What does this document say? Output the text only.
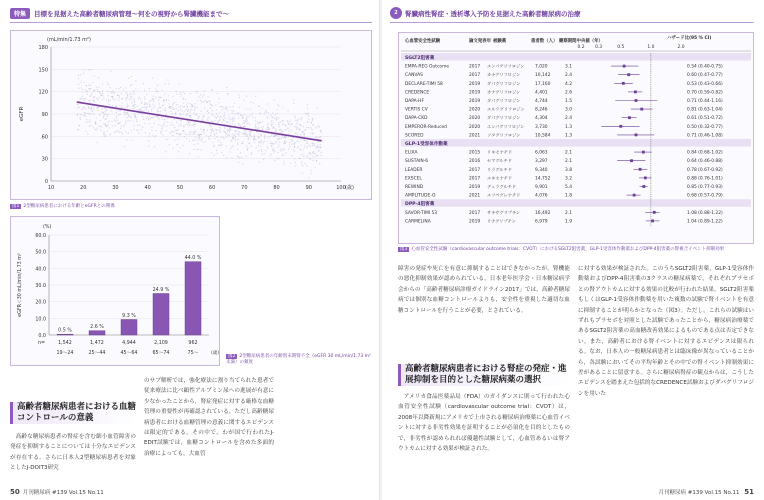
特集	目標を見据えた高齢者糖尿病管理～何をの視野から腎臓機能まで～
0
30
60
90
120
150
180
10	20	30	40	50	60	70	80	90	100
(mL/min/1.73 m²)
eGFR
(歳)
図1 2型糖尿病患者における年齢とeGFRとの関係
0.0
10.0
20.0
30.0
40.0
50.0
60.0
(%)
eGFR＜30 mL/min/1.73 m²
n=
0.5 %
1,542
19～24
2.6 %
1,472
25～44
9.3 %
4,944
45～64
24.9 %
2,109
65～74
44.0 %
962
75～	(歳)
図2 2型糖尿病患者の年齢別末期腎不全（eGFR 30 mL/min/1.73 m² 未満）の頻度
高齢者糖尿病患者における血糖コントロールの意義

高齢な糖尿病患者の腎症を含む細小血管障害の発症を抑制することについては十分なエビデンスが存在する。さらに日本人2型糖尿病患者を対象としたJ-DOIT3研究

のサブ解析では，強化療法に割り当てられた患者で従来療法に比べ顕性アルブミン尿への進展が有意に少なかったことから，腎症発症に対する厳格な血糖管理の重要性が再確認されている。ただし高齢糖尿病患者における血糖管理の意義に関するエビデンスは限定的である。その中で，わが国で行われたJ-EDIT試験では，血糖コントロールを含めた多面的治療によっても，大血管

50 月刊糖尿病 #139 Vol.15 No.11
2	腎臓病性腎症・透析導入予防を見据えた高齢者糖尿病の治療
心血管安全性試験	論文発表年 被験薬	患者数（人） 観察期間中央値（年）
ハザード比(95 % CI)
0.2 0.3	0.5	1.0	2.0
SGLT2阻害薬
EMPA-REG Outcome	2017 エンパグリフロジン 7,020	3.1	0.54 (0.40-0.75)
CANVAS	2017 カナグリフロジン	10,142	2.4	0.60 (0.47-0.77)
DECLARE-TIMI 58	2019 ダパグリフロジン	17,160	4.2	0.53 (0.43-0.66)
CREDENCE	2019 カナグリフロジン	4,401	2.6	0.70 (0.59-0.82)
DAPA-HF	2019 ダパグリフロジン	4,744	1.5	0.71 (0.44-1.16)
VERTIS CV	2020 エルツグリフロジン 8,246	3.0	0.81 (0.63-1.04)
DAPA-CKD	2020 ダパグリフロジン	4,304	2.4	0.61 (0.51-0.72)
EMPEROR-Reduced	2020 エンパグリフロジン 3,730	1.3	0.50 (0.32-0.77)
SCORED	2021 ソタグリフロジン	10,584	1.3	0.71 (0.46-1.08)
GLP-1受容体作動薬
ELIXA	2015 リキセナチド	6,063	2.1	0.84 (0.68-1.02)
SUSTAIN-6	2016 セマグルチド	3,297	2.1	0.64 (0.46-0.88)
LEADER	2017 リラグルチド	9,340	3.8	0.78 (0.67-0.92)
EXSCEL	2017 エキセナチド	14,752	3.2	0.88 (0.76-1.01)
REWIND	2019 デュラグルチド	9,901	5.4	0.85 (0.77-0.93)
AMPLITUDE-O	2021 エフペグレナチド	4,076	1.8	0.68 (0.57-0.79)
DPP-4阻害薬
SAVOR-TIMI 53	2017 サキサグリプチン	16,492	2.1	1.08 (0.88-1.22)
CARMELINA	2019 リナグリプチン	6,979	1.9	1.04 (0.89-1.22)
図3 心血管安全性試験（cardiovascular outcome trials：CVOT）におけるSGLT2阻害薬，GLP-1受容体作動薬およびDPP-4阻害薬の腎複合イベント抑制効果

障害の発症や死亡を有意に抑制することはできなかったが，腎機能の悪化抑制効果が認められている。日本老年医学会・日本糖尿病学会からの「高齢者糖尿病診療ガイドライン2017」では，高齢者糖尿病では個別な血糖コントロールよりも，安全性を重視した適切な血糖コントロールを行うことが必要，とされている。

高齢者糖尿病患者における腎症の発症・進展抑制を目的とした糖尿病薬の選択

アメリカ食品医薬品局（FDA）のガイダンスに則って行われた心血管安全性試験（cardiovascular outcome trial：CVOT）は，2008年以降新規にアメリカで上市される糖尿病治療薬に心血管イベントに対する非劣性効果を証明することが必須化を目的としたもので，非劣性が認められれば優越性試験として，心血管あるいは腎アウトカムに対する効果が検証された。

に対する効果が検証された。このうちSGLT2阻害薬，GLP-1受容体作動薬およびDPP-4阻害薬の3クラスの糖尿病薬で，それぞれプラセボとの腎アウトカムに対する効果の比較が行われた結果，SGLT2阻害薬もしくはGLP-1受容体作動薬を用いた複数の試験で腎イベントを有意に抑制することが明らかとなった（図3）。ただし，これらの試験はいずれもプラセボを対照とした試験であったことから，糖尿病治療薬であるSGLT2阻害薬の高血糖改善効果によるものである点は否定できない。また，高齢者における腎イベントに対するエビデンスは限られる。なお，日本人の一般糖尿病患者とは臨床像が異なっていることから，各試験においてその平均年齢とその中での腎イベント抑制効果に差があることに留意する。さらに糖尿病腎症の観点からは，こうしたエビデンスを踏まえた包括的なCREDENCE試験およびダパグリフロジンを用いた

月刊糖尿病 #139 Vol.15 No.11 51
